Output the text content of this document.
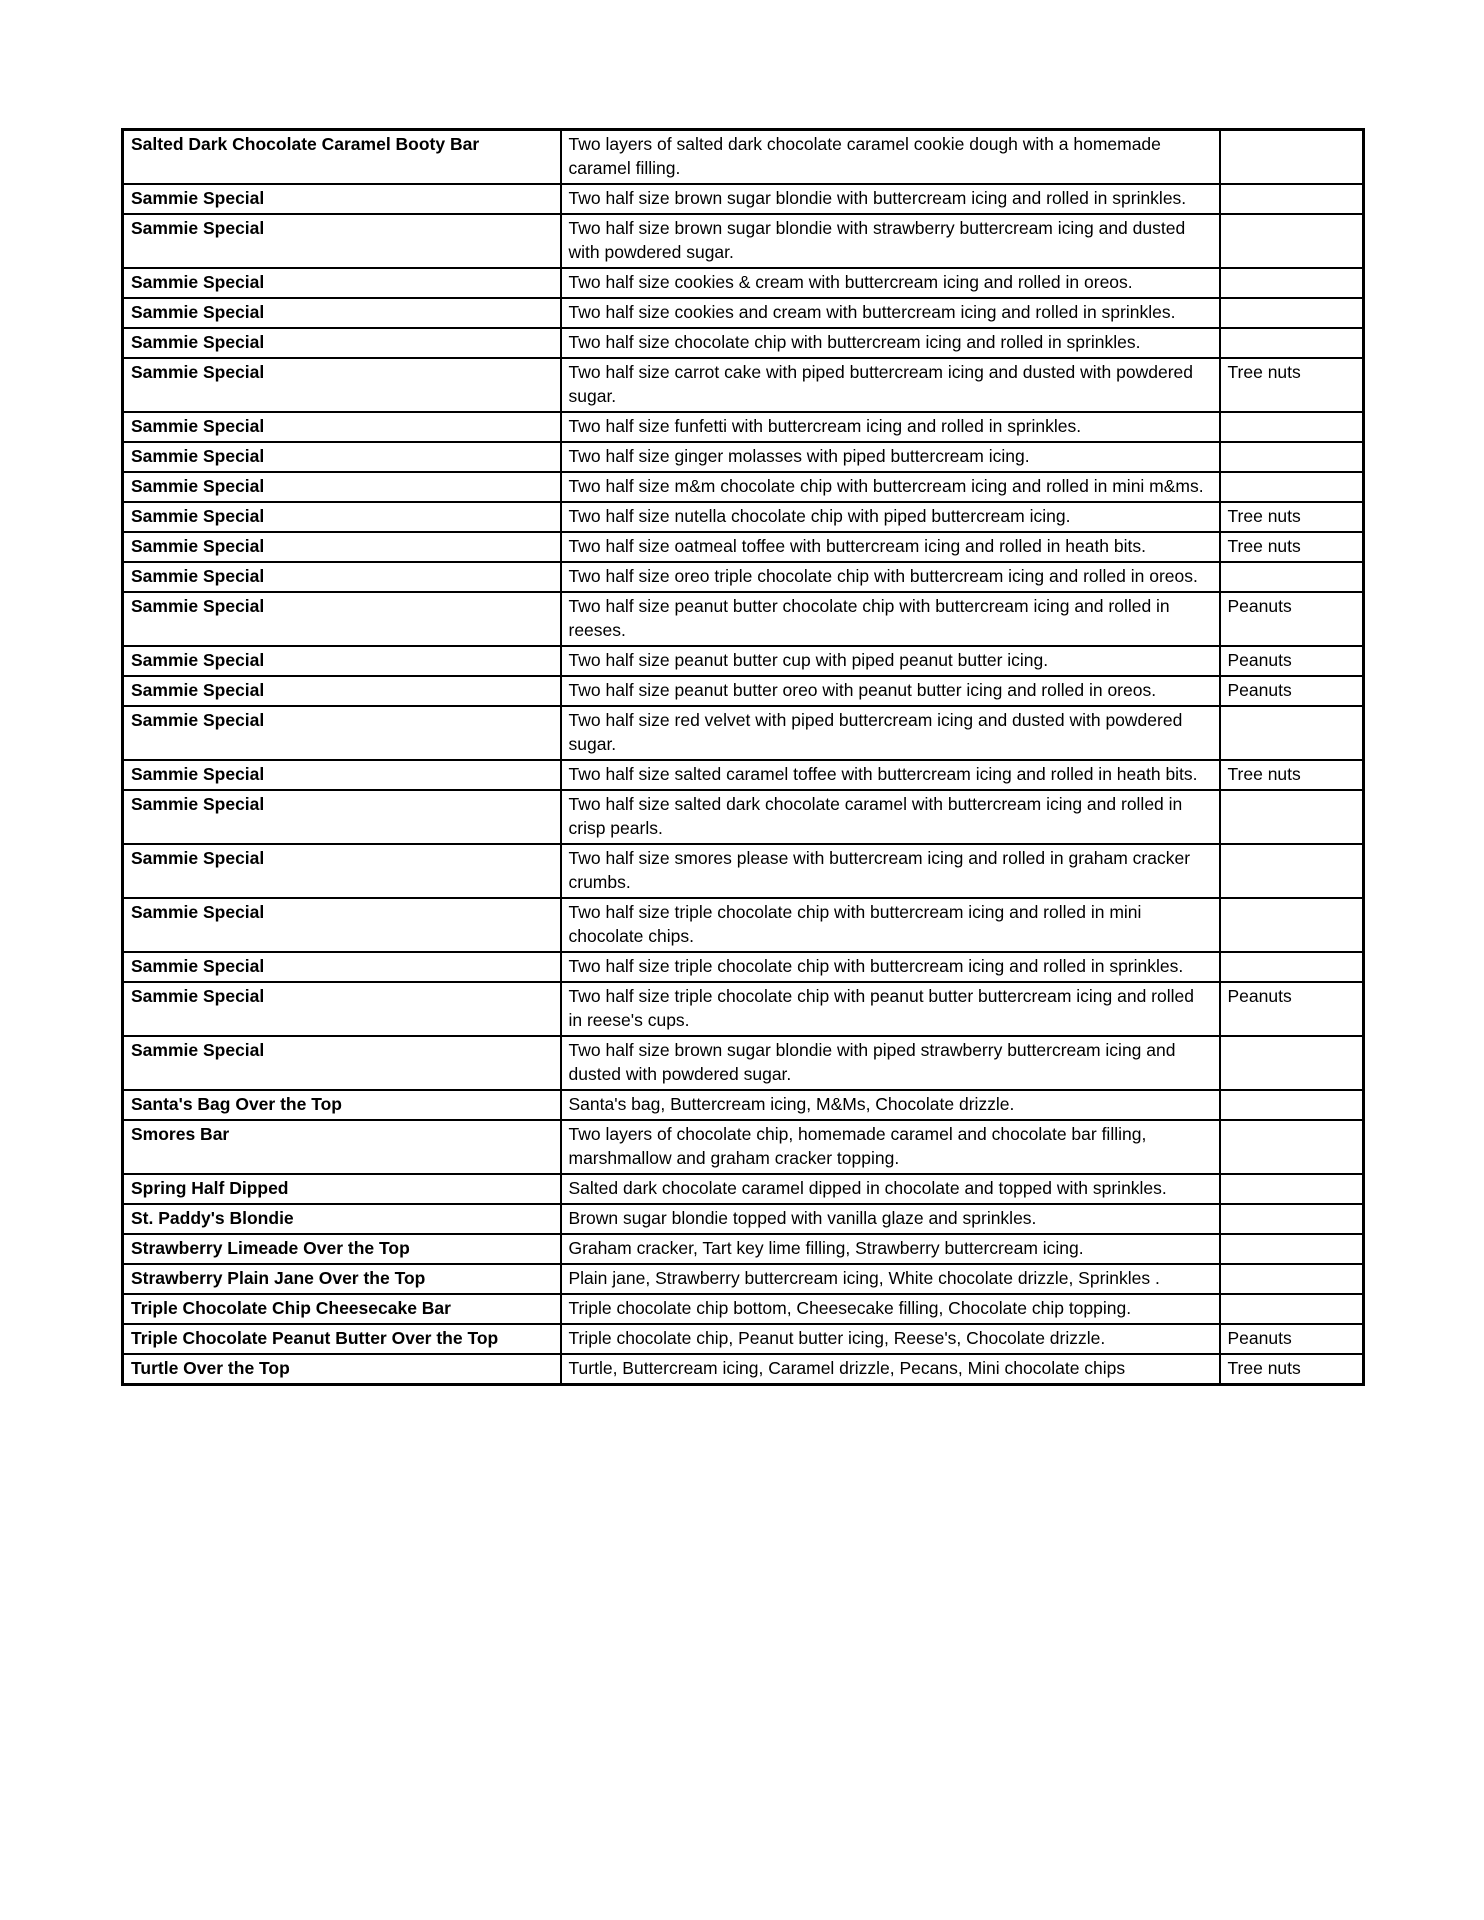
Salted Dark Chocolate Caramel Booty Bar	Two layers of salted dark chocolate caramel cookie dough with a homemade caramel filling.	
Sammie Special	Two half size brown sugar blondie with buttercream icing and rolled in sprinkles.	
Sammie Special	Two half size brown sugar blondie with strawberry buttercream icing and dusted with powdered sugar.	
Sammie Special	Two half size cookies & cream with buttercream icing and rolled in oreos.	
Sammie Special	Two half size cookies and cream with buttercream icing and rolled in sprinkles.	
Sammie Special	Two half size chocolate chip with buttercream icing and rolled in sprinkles.	
Sammie Special	Two half size carrot cake with piped buttercream icing and dusted with powdered sugar.	Tree nuts
Sammie Special	Two half size funfetti with buttercream icing and rolled in sprinkles.	
Sammie Special	Two half size ginger molasses with piped buttercream icing.	
Sammie Special	Two half size m&m chocolate chip with buttercream icing and rolled in mini m&ms.	
Sammie Special	Two half size nutella chocolate chip with piped buttercream icing.	Tree nuts
Sammie Special	Two half size oatmeal toffee with buttercream icing and rolled in heath bits.	Tree nuts
Sammie Special	Two half size oreo triple chocolate chip with buttercream icing and rolled in oreos.	
Sammie Special	Two half size peanut butter chocolate chip with buttercream icing and rolled in reeses.	Peanuts
Sammie Special	Two half size peanut butter cup with piped peanut butter icing.	Peanuts
Sammie Special	Two half size peanut butter oreo with peanut butter icing and rolled in oreos.	Peanuts
Sammie Special	Two half size red velvet with piped buttercream icing and dusted with powdered sugar.	
Sammie Special	Two half size salted caramel toffee with buttercream icing and rolled in heath bits.	Tree nuts
Sammie Special	Two half size salted dark chocolate caramel with buttercream icing and rolled in crisp pearls.	
Sammie Special	Two half size smores please with buttercream icing and rolled in graham cracker crumbs.	
Sammie Special	Two half size triple chocolate chip with buttercream icing and rolled in mini chocolate chips.	
Sammie Special	Two half size triple chocolate chip with buttercream icing and rolled in sprinkles.	
Sammie Special	Two half size triple chocolate chip with peanut butter buttercream icing and rolled in reese's cups.	Peanuts
Sammie Special	Two half size brown sugar blondie with piped strawberry buttercream icing and dusted with powdered sugar.	
Santa's Bag Over the Top	Santa's bag, Buttercream icing, M&Ms, Chocolate drizzle.	
Smores Bar	Two layers of chocolate chip, homemade caramel and chocolate bar filling, marshmallow and graham cracker topping.	
Spring Half Dipped	Salted dark chocolate caramel dipped in chocolate and topped with sprinkles.	
St. Paddy's Blondie	Brown sugar blondie topped with vanilla glaze and sprinkles.	
Strawberry Limeade Over the Top	Graham cracker, Tart key lime filling, Strawberry buttercream icing.	
Strawberry Plain Jane Over the Top	Plain jane, Strawberry buttercream icing, White chocolate drizzle, Sprinkles .	
Triple Chocolate Chip Cheesecake Bar	Triple chocolate chip bottom, Cheesecake filling, Chocolate chip topping.	
Triple Chocolate Peanut Butter Over the Top	Triple chocolate chip, Peanut butter icing, Reese's, Chocolate drizzle.	Peanuts
Turtle Over the Top	Turtle, Buttercream icing, Caramel drizzle, Pecans, Mini chocolate chips	Tree nuts
